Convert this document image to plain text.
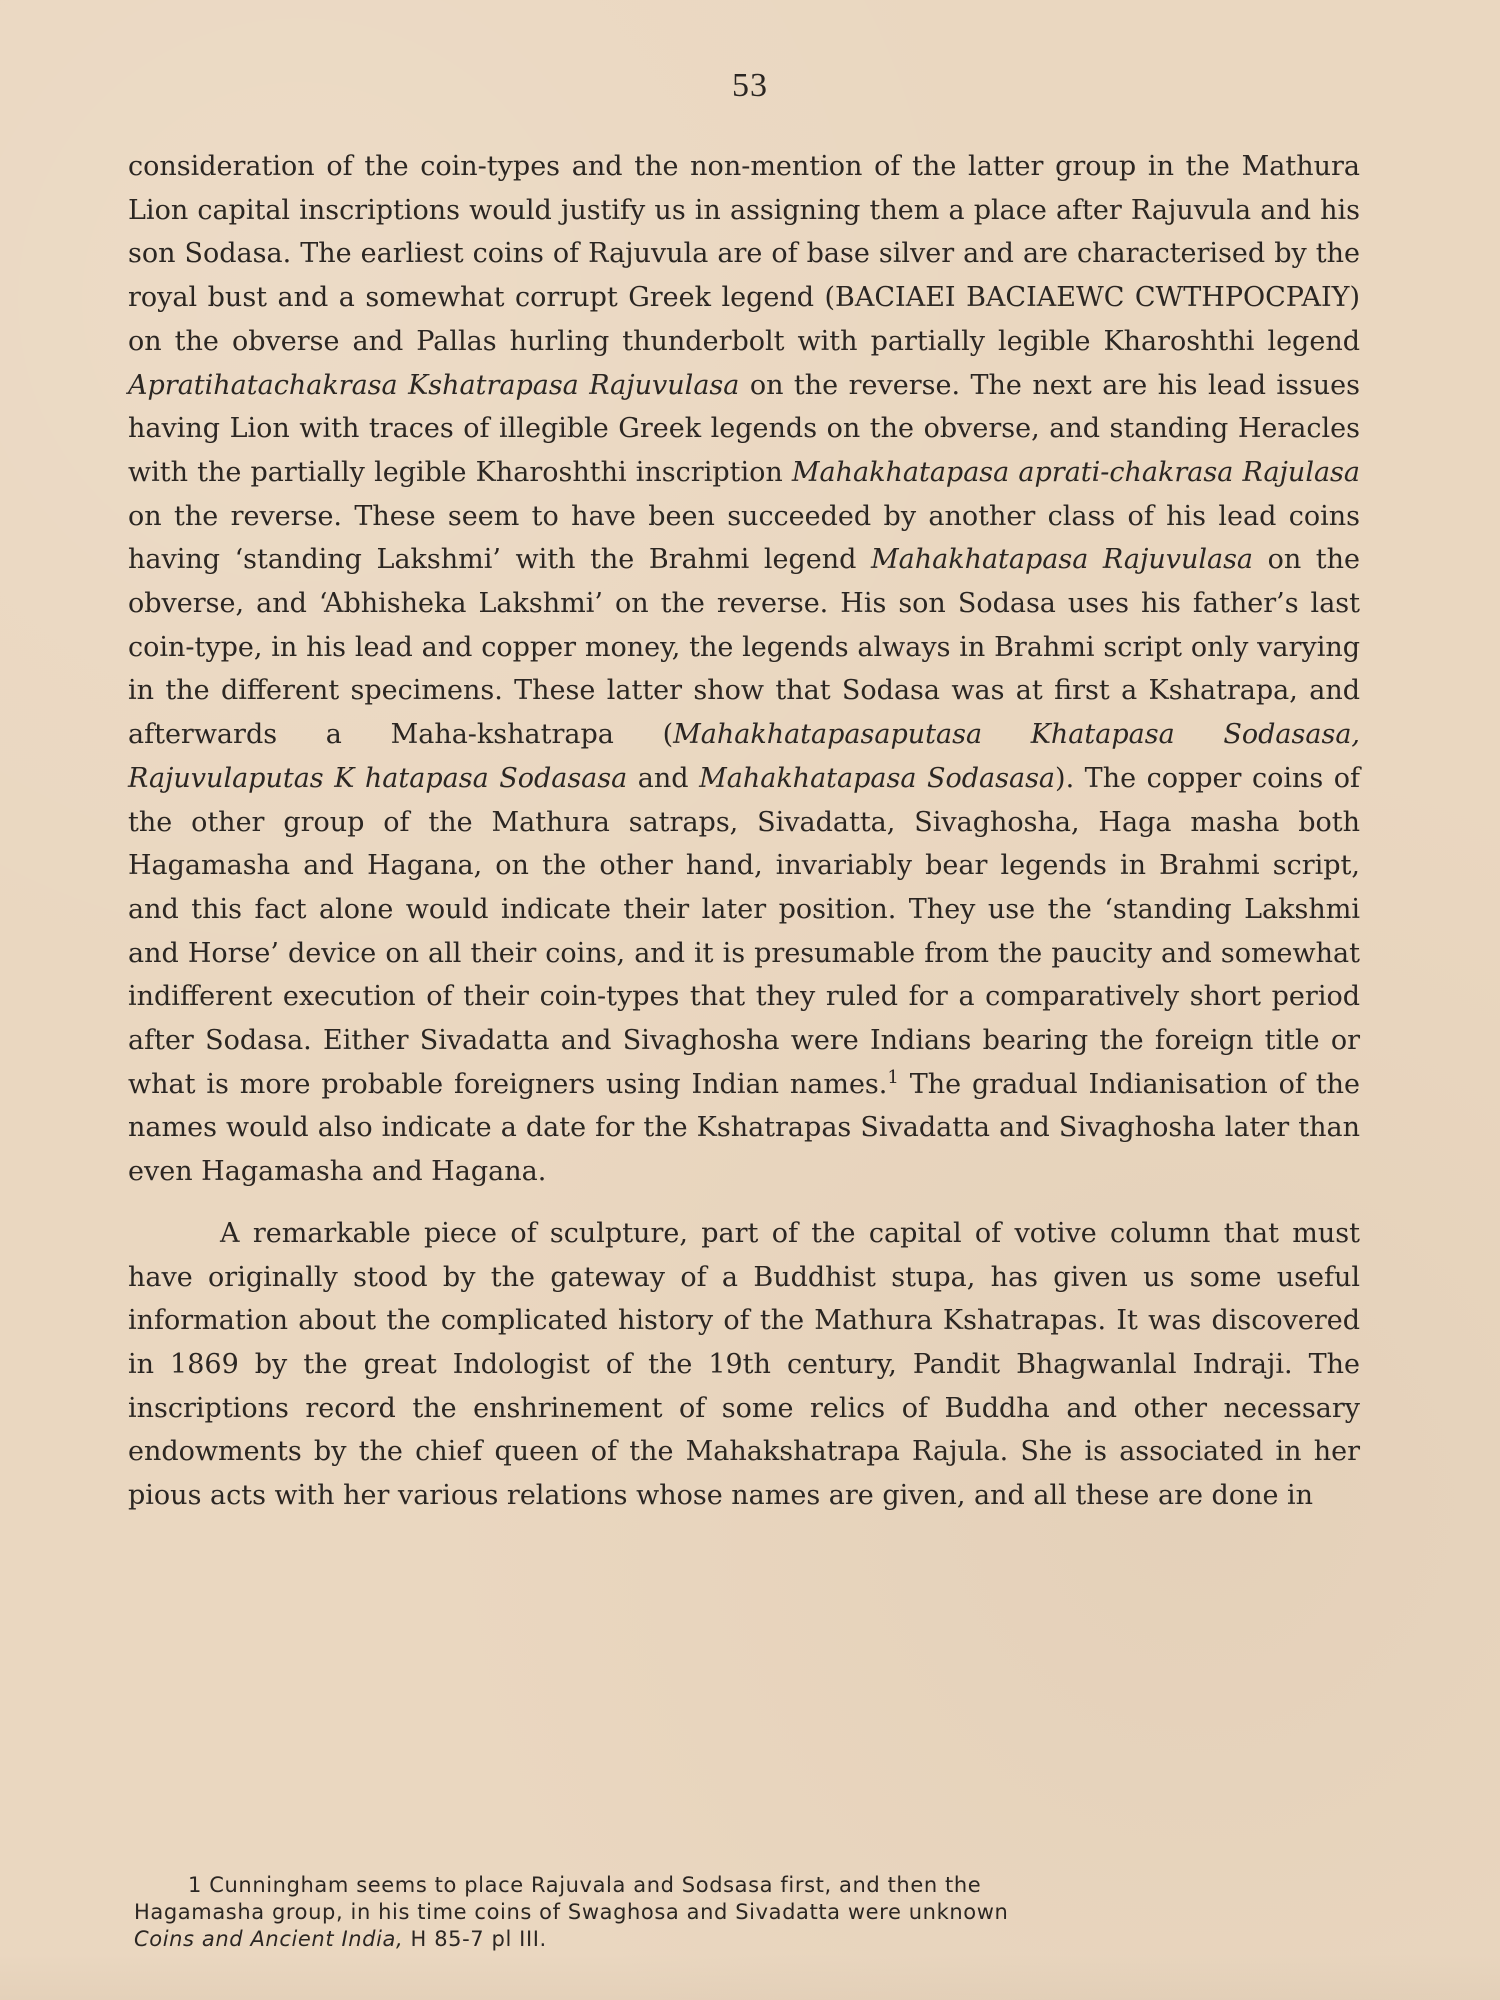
53

consideration of the coin-types and the non-mention of the latter group in the Mathura Lion capital inscriptions would justify us in assigning them a place after Rajuvula and his son Sodasa. The earliest coins of Rajuvula are of base silver and are characterised by the royal bust and a somewhat corrupt Greek legend (BACIAEI BACIAEWC CWTHPOCPAIY) on the obverse and Pallas hurling thunderbolt with partially legible Kharoshthi legend Apratihatachakrasa Kshatrapasa Rajuvulasa on the reverse. The next are his lead issues having Lion with traces of illegible Greek legends on the obverse, and standing Heracles with the partially legible Kharoshthi inscription Mahakhatapasa aprati-chakrasa Rajulasa on the reverse. These seem to have been succeeded by another class of his lead coins having ‘standing Lakshmi’ with the Brahmi legend Mahakhatapasa Rajuvulasa on the obverse, and ‘Abhisheka Lakshmi’ on the reverse. His son Sodasa uses his father’s last coin-type, in his lead and copper money, the legends always in Brahmi script only varying in the different specimens. These latter show that Sodasa was at first a Kshatrapa, and afterwards a Maha-kshatrapa (Mahakhatapasaputasa Khatapasa Sodasasa, Rajuvulaputas K hatapasa Sodasasa and Mahakhatapasa Sodasasa). The copper coins of the other group of the Mathura satraps, Sivadatta, Sivaghosha, Haga masha both Hagamasha and Hagana, on the other hand, invariably bear legends in Brahmi script, and this fact alone would indicate their later position. They use the ‘standing Lakshmi and Horse’ device on all their coins, and it is presumable from the paucity and somewhat indifferent execution of their coin-types that they ruled for a comparatively short period after Sodasa. Either Sivadatta and Sivaghosha were Indians bearing the foreign title or what is more probable foreigners using Indian names.$^1$ The gradual Indianisation of the names would also indicate a date for the Kshatrapas Sivadatta and Sivaghosha later than even Hagamasha and Hagana.

A remarkable piece of sculpture, part of the capital of votive column that must have originally stood by the gateway of a Buddhist stupa, has given us some useful information about the complicated history of the Mathura Kshatrapas. It was discovered in 1869 by the great Indologist of the 19th century, Pandit Bhagwanlal Indraji. The inscriptions record the enshrinement of some relics of Buddha and other necessary endowments by the chief queen of the Mahakshatrapa Rajula. She is associated in her pious acts with her various relations whose names are given, and all these are done in

1 Cunningham seems to place Rajuvala and Sodsasa first, and then the
Hagamasha group, in his time coins of Swaghosa and Sivadatta were unknown
Coins and Ancient India, H 85-7 pl III.
